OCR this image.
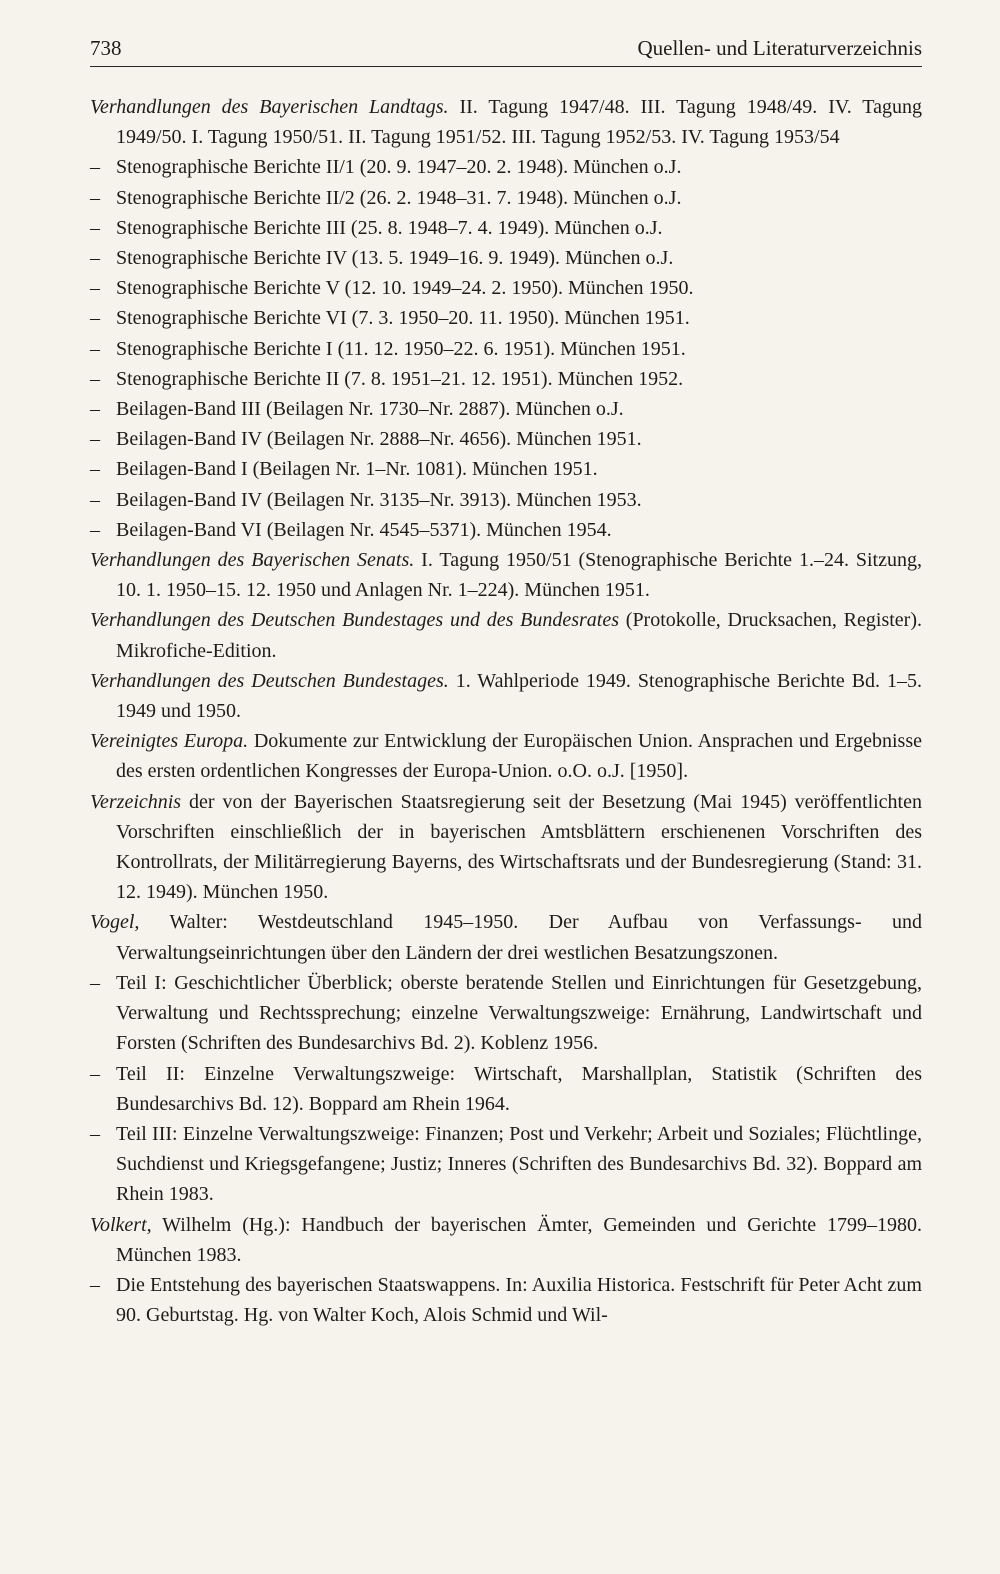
738	Quellen- und Literaturverzeichnis

Verhandlungen des Bayerischen Landtags. II. Tagung 1947/48. III. Tagung 1948/49. IV. Tagung 1949/50. I. Tagung 1950/51. II. Tagung 1951/52. III. Tagung 1952/53. IV. Tagung 1953/54

– Stenographische Berichte II/1 (20. 9. 1947–20. 2. 1948). München o.J.

– Stenographische Berichte II/2 (26. 2. 1948–31. 7. 1948). München o.J.

– Stenographische Berichte III (25. 8. 1948–7. 4. 1949). München o.J.

– Stenographische Berichte IV (13. 5. 1949–16. 9. 1949). München o.J.

– Stenographische Berichte V (12. 10. 1949–24. 2. 1950). München 1950.

– Stenographische Berichte VI (7. 3. 1950–20. 11. 1950). München 1951.

– Stenographische Berichte I (11. 12. 1950–22. 6. 1951). München 1951.

– Stenographische Berichte II (7. 8. 1951–21. 12. 1951). München 1952.

– Beilagen-Band III (Beilagen Nr. 1730–Nr. 2887). München o.J.

– Beilagen-Band IV (Beilagen Nr. 2888–Nr. 4656). München 1951.

– Beilagen-Band I (Beilagen Nr. 1–Nr. 1081). München 1951.

– Beilagen-Band IV (Beilagen Nr. 3135–Nr. 3913). München 1953.

– Beilagen-Band VI (Beilagen Nr. 4545–5371). München 1954.

Verhandlungen des Bayerischen Senats. I. Tagung 1950/51 (Stenographische Berichte 1.–24. Sitzung, 10. 1. 1950–15. 12. 1950 und Anlagen Nr. 1–224). München 1951.

Verhandlungen des Deutschen Bundestages und des Bundesrates (Protokolle, Drucksachen, Register). Mikrofiche-Edition.

Verhandlungen des Deutschen Bundestages. 1. Wahlperiode 1949. Stenographische Berichte Bd. 1–5. 1949 und 1950.

Vereinigtes Europa. Dokumente zur Entwicklung der Europäischen Union. Ansprachen und Ergebnisse des ersten ordentlichen Kongresses der Europa-Union. o.O. o.J. [1950].

Verzeichnis der von der Bayerischen Staatsregierung seit der Besetzung (Mai 1945) veröffentlichten Vorschriften einschließlich der in bayerischen Amtsblättern erschienenen Vorschriften des Kontrollrats, der Militärregierung Bayerns, des Wirtschaftsrats und der Bundesregierung (Stand: 31. 12. 1949). München 1950.

Vogel, Walter: Westdeutschland 1945–1950. Der Aufbau von Verfassungs- und Verwaltungseinrichtungen über den Ländern der drei westlichen Besatzungszonen.

– Teil I: Geschichtlicher Überblick; oberste beratende Stellen und Einrichtungen für Gesetzgebung, Verwaltung und Rechtssprechung; einzelne Verwaltungszweige: Ernährung, Landwirtschaft und Forsten (Schriften des Bundesarchivs Bd. 2). Koblenz 1956.

– Teil II: Einzelne Verwaltungszweige: Wirtschaft, Marshallplan, Statistik (Schriften des Bundesarchivs Bd. 12). Boppard am Rhein 1964.

– Teil III: Einzelne Verwaltungszweige: Finanzen; Post und Verkehr; Arbeit und Soziales; Flüchtlinge, Suchdienst und Kriegsgefangene; Justiz; Inneres (Schriften des Bundesarchivs Bd. 32). Boppard am Rhein 1983.

Volkert, Wilhelm (Hg.): Handbuch der bayerischen Ämter, Gemeinden und Gerichte 1799–1980. München 1983.

– Die Entstehung des bayerischen Staatswappens. In: Auxilia Historica. Festschrift für Peter Acht zum 90. Geburtstag. Hg. von Walter Koch, Alois Schmid und Wil-
